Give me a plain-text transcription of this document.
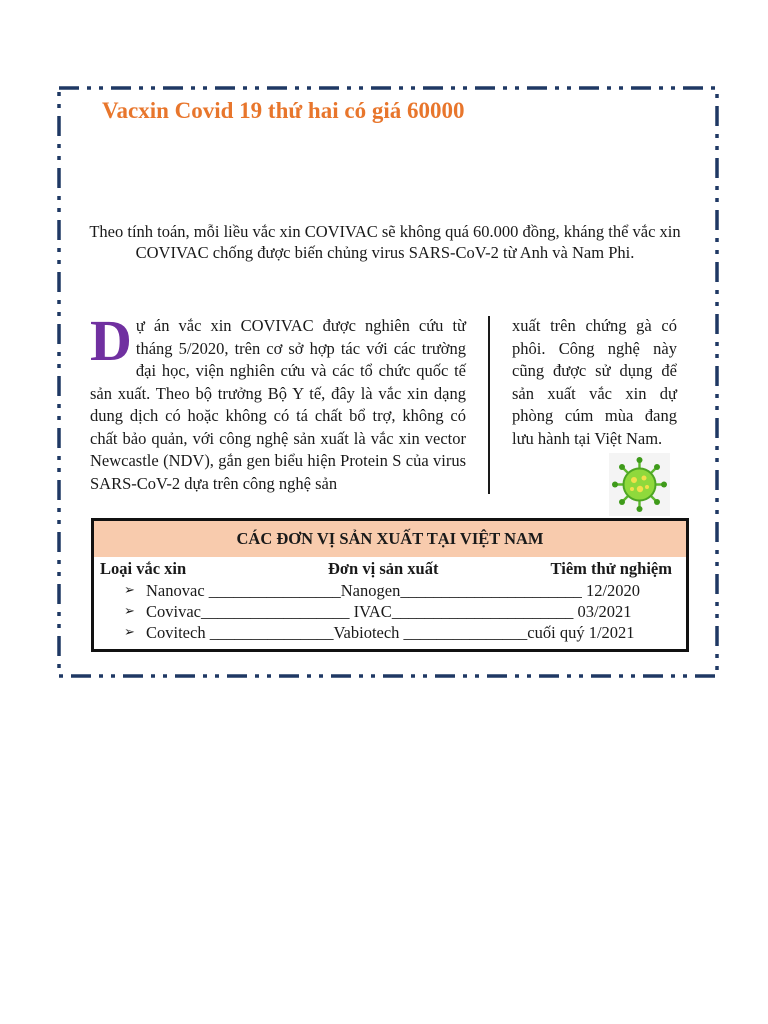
Vacxin Covid 19 thứ hai có giá 60000

Theo tính toán, mỗi liều vắc xin COVIVAC sẽ không quá 60.000 đồng, kháng thể vắc xin COVIVAC chống được biến chủng virus SARS-CoV-2 từ Anh và Nam Phi.

Dự án vắc xin COVIVAC được nghiên cứu từ tháng 5/2020, trên cơ sở hợp tác với các trường đại học, viện nghiên cứu và các tổ chức quốc tế sản xuất. Theo bộ trưởng Bộ Y tế, đây là vắc xin dạng dung dịch có hoặc không có tá chất bổ trợ, không có chất bảo quản, với công nghệ sản xuất là vắc xin vector Newcastle (NDV), gắn gen biểu hiện Protein S của virus SARS-CoV-2 dựa trên công nghệ sản

xuất trên chứng gà có phôi. Công nghệ này cũng được sử dụng để sản xuất vắc xin dự phòng cúm mùa đang lưu hành tại Việt Nam.

CÁC ĐƠN VỊ SẢN XUẤT TẠI VIỆT NAM
Loại vắc xin	Đơn vị sản xuất	Tiêm thử nghiệm
➢ Nanovac ________________Nanogen______________________ 12/2020
➢ Covivac__________________ IVAC______________________ 03/2021
➢ Covitech _______________Vabiotech _______________cuối quý 1/2021
